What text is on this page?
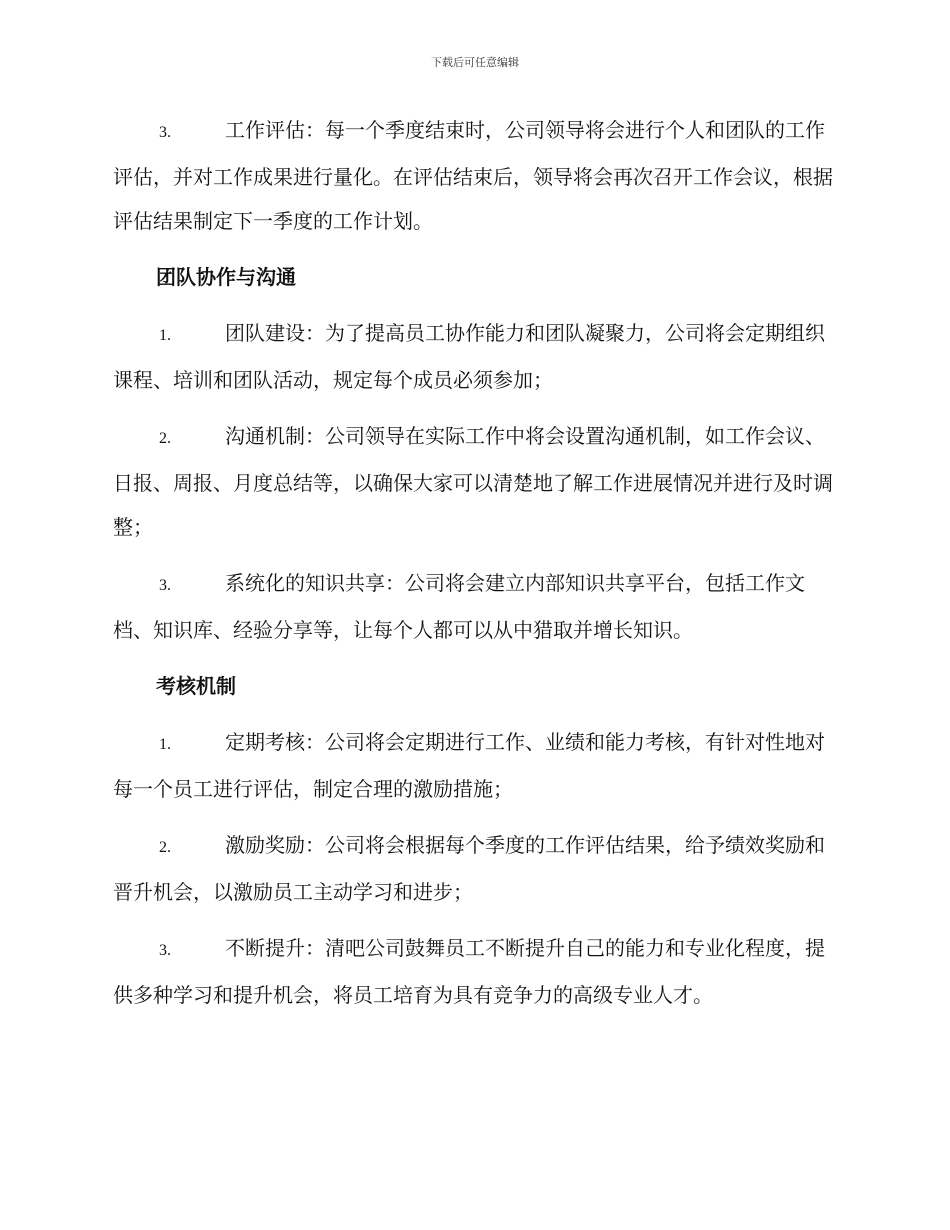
下载后可任意编辑

3.	工作评估：每一个季度结束时，公司领导将会进行个人和团队的工作评估，并对工作成果进行量化。在评估结束后，领导将会再次召开工作会议，根据评估结果制定下一季度的工作计划。

团队协作与沟通

1.	团队建设：为了提高员工协作能力和团队凝聚力，公司将会定期组织课程、培训和团队活动，规定每个成员必须参加；

2.	沟通机制：公司领导在实际工作中将会设置沟通机制，如工作会议、日报、周报、月度总结等，以确保大家可以清楚地了解工作进展情况并进行及时调整；

3.	系统化的知识共享：公司将会建立内部知识共享平台，包括工作文档、知识库、经验分享等，让每个人都可以从中猎取并增长知识。

考核机制

1.	定期考核：公司将会定期进行工作、业绩和能力考核，有针对性地对每一个员工进行评估，制定合理的激励措施；

2.	激励奖励：公司将会根据每个季度的工作评估结果，给予绩效奖励和晋升机会，以激励员工主动学习和进步；

3.	不断提升：清吧公司鼓舞员工不断提升自己的能力和专业化程度，提供多种学习和提升机会，将员工培育为具有竞争力的高级专业人才。
